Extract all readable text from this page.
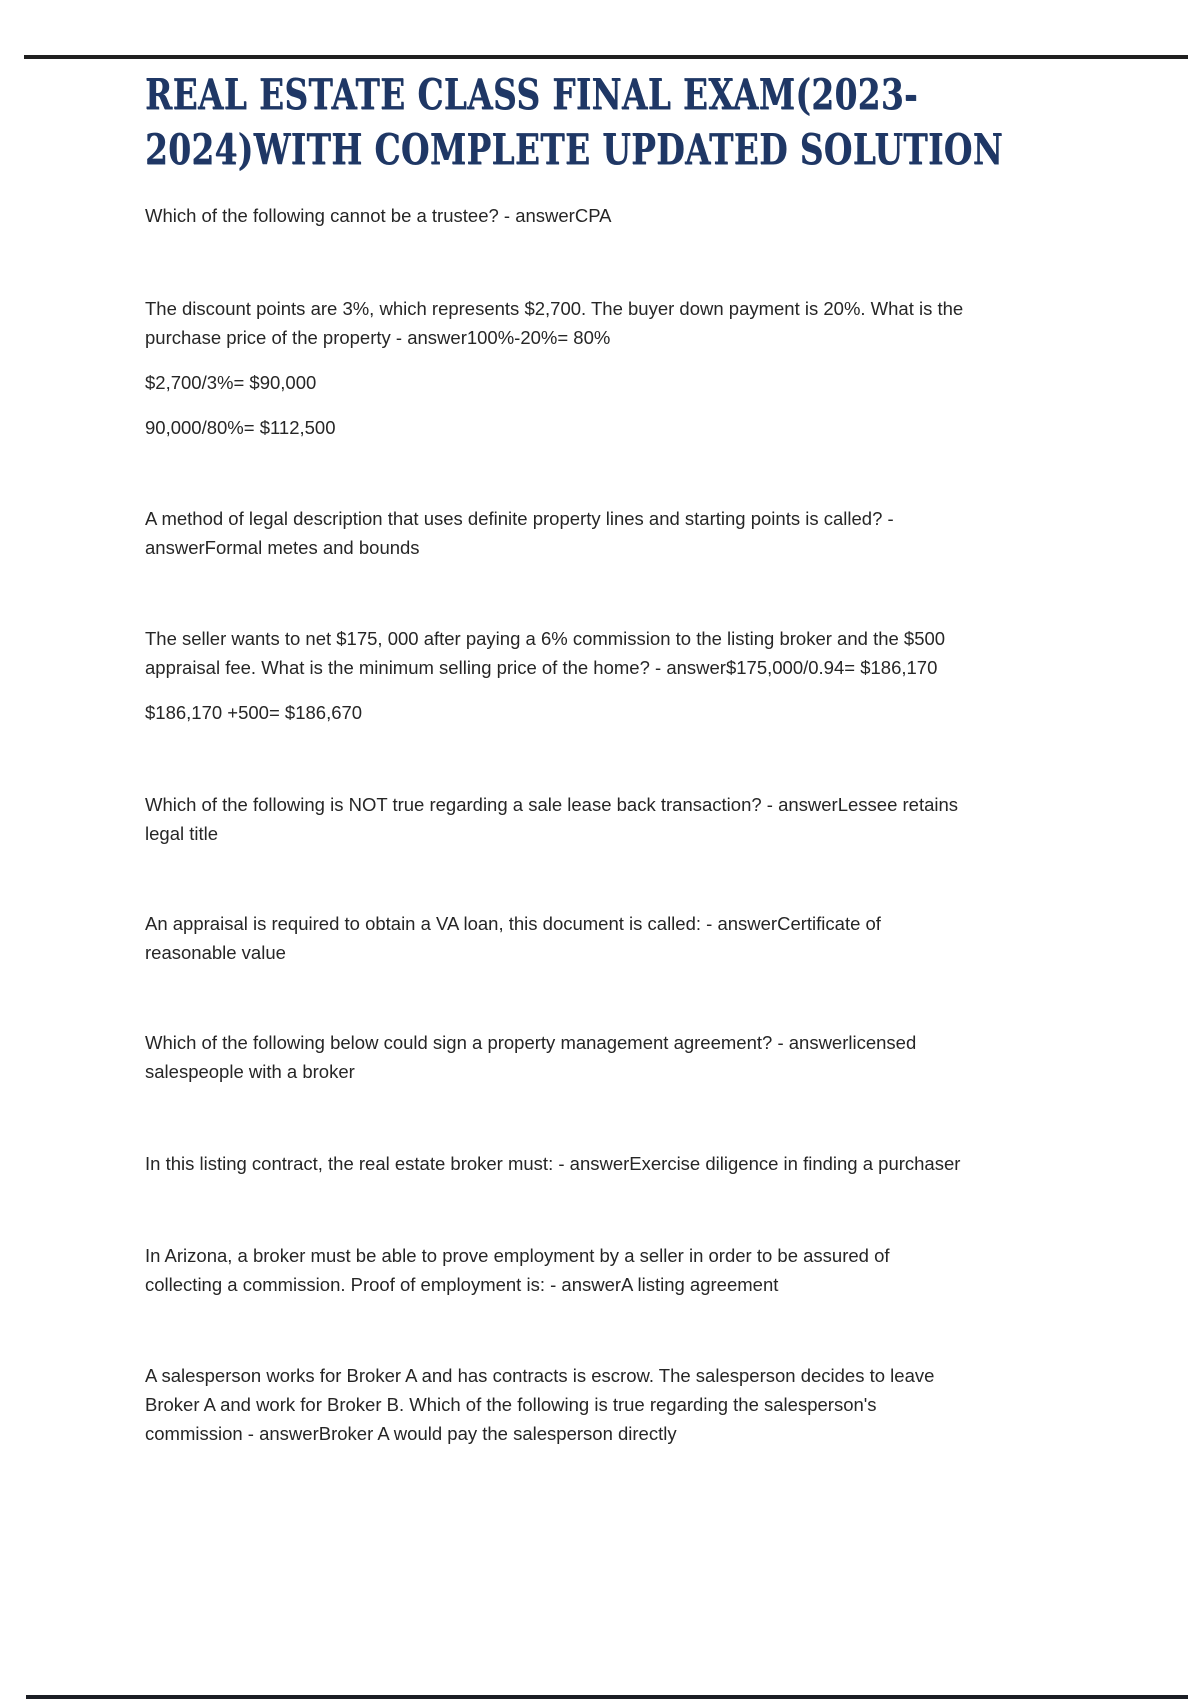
REAL ESTATE CLASS FINAL EXAM(2023-
2024)WITH COMPLETE UPDATED SOLUTION
Which of the following cannot be a trustee? - answerCPA
The discount points are 3%, which represents $2,700. The buyer down payment is 20%. What is the
purchase price of the property - answer100%-20%= 80%
$2,700/3%= $90,000
90,000/80%= $112,500
A method of legal description that uses definite property lines and starting points is called? -
answerFormal metes and bounds
The seller wants to net $175, 000 after paying a 6% commission to the listing broker and the $500
appraisal fee. What is the minimum selling price of the home? - answer$175,000/0.94= $186,170
$186,170 +500= $186,670
Which of the following is NOT true regarding a sale lease back transaction? - answerLessee retains
legal title
An appraisal is required to obtain a VA loan, this document is called: - answerCertificate of
reasonable value
Which of the following below could sign a property management agreement? - answerlicensed
salespeople with a broker
In this listing contract, the real estate broker must: - answerExercise diligence in finding a purchaser
In Arizona, a broker must be able to prove employment by a seller in order to be assured of
collecting a commission. Proof of employment is: - answerA listing agreement
A salesperson works for Broker A and has contracts is escrow. The salesperson decides to leave
Broker A and work for Broker B. Which of the following is true regarding the salesperson's
commission - answerBroker A would pay the salesperson directly
